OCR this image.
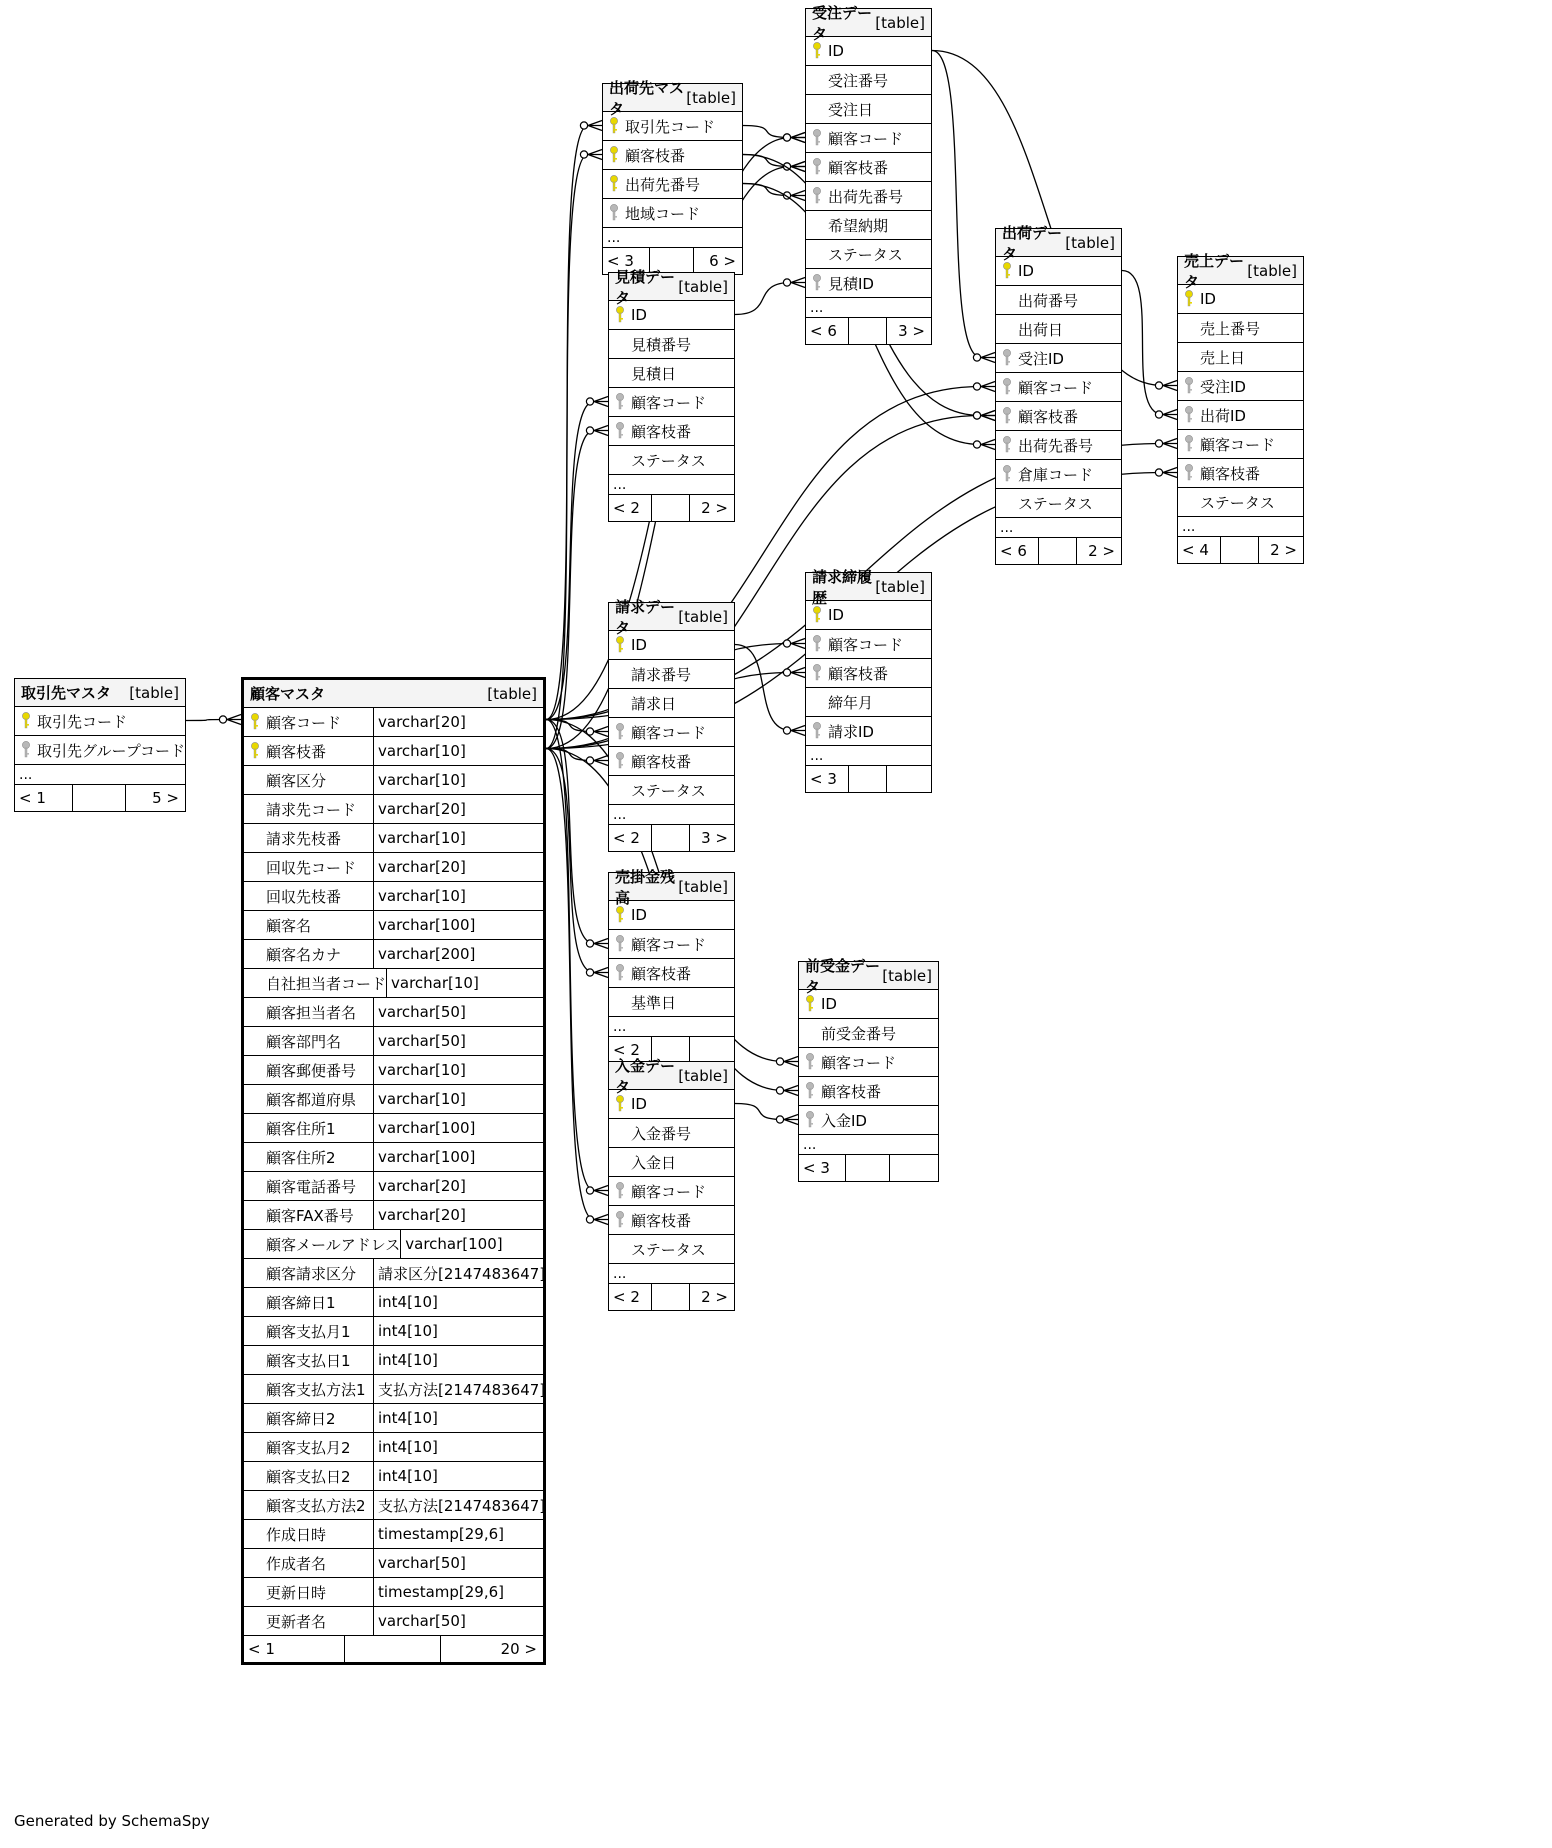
取引先マスタ [table]
取引先コード
取引先グループコード
...
< 1	5 >
顧客マスタ	[table]
顧客コード	varchar[20]
顧客枝番	varchar[10]
顧客区分	varchar[10]
請求先コード	varchar[20]
請求先枝番	varchar[10]
回収先コード	varchar[20]
回収先枝番	varchar[10]
顧客名	varchar[100]
顧客名カナ	varchar[200]
自社担当者コード varchar[10]
顧客担当者名	varchar[50]
顧客部門名	varchar[50]
顧客郵便番号	varchar[10]
顧客都道府県	varchar[10]
顧客住所1	varchar[100]
顧客住所2	varchar[100]
顧客電話番号	varchar[20]
顧客FAX番号	varchar[20]
顧客メールアドレス varchar[100]
顧客請求区分	請求区分[2147483647]
顧客締日1	int4[10]
顧客支払月1	int4[10]
顧客支払日1	int4[10]
顧客支払方法1 支払方法[2147483647]
顧客締日2	int4[10]
顧客支払月2	int4[10]
顧客支払日2	int4[10]
顧客支払方法2 支払方法[2147483647]
作成日時	timestamp[29,6]
作成者名	varchar[50]
更新日時	timestamp[29,6]
更新者名	varchar[50]
< 1	20 >
出荷先マスタ
[table]
取引先コード
顧客枝番
出荷先番号
地域コード
...
< 3	6 >
見積データ
[table]
ID
見積番号
見積日
顧客コード
顧客枝番
ステータス
...
< 2	2 >
受注データ
[table]
ID
受注番号
受注日
顧客コード
顧客枝番
出荷先番号
希望納期
ステータス
見積ID
...
< 6	3 >
出荷データ
[table]
ID
出荷番号
出荷日
受注ID
顧客コード
顧客枝番
出荷先番号
倉庫コード
ステータス
...
< 6	2 >
売上データ
[table]
ID
売上番号
売上日
受注ID
出荷ID
顧客コード
顧客枝番
ステータス
...
< 4	2 >
請求データ
[table]
ID
請求番号
請求日
顧客コード
顧客枝番
ステータス
...
< 2	3 >
請求締履歴
[table]
ID
顧客コード
顧客枝番
締年月
請求ID
...
< 3
売掛金残高
[table]
ID
顧客コード
顧客枝番
基準日
...
< 2
前受金データ
[table]
ID
前受金番号
顧客コード
顧客枝番
入金ID
...
< 3
入金データ
[table]
ID
入金番号
入金日
顧客コード
顧客枝番
ステータス
...
< 2	2 >
Generated by SchemaSpy
